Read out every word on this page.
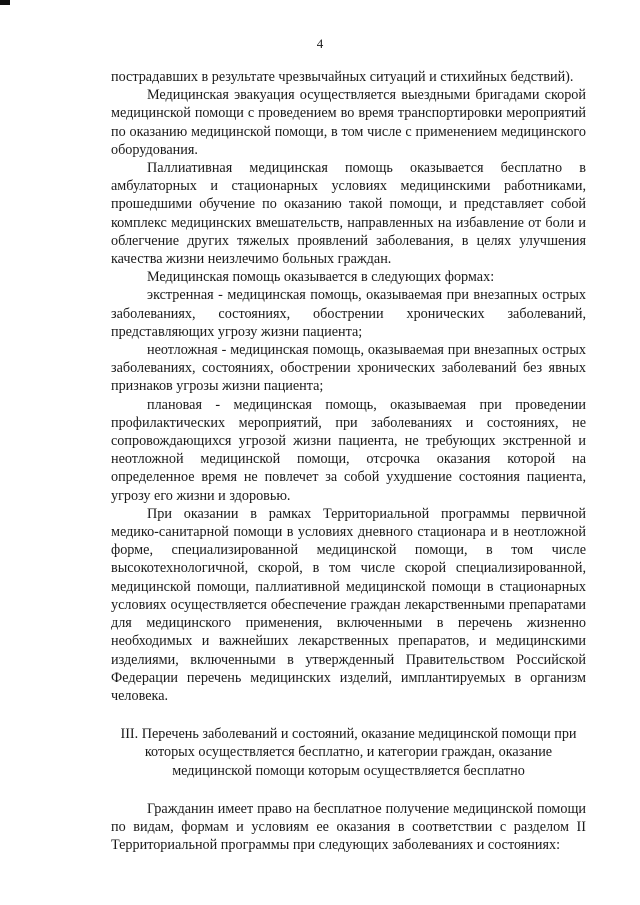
4

пострадавших в результате чрезвычайных ситуаций и стихийных бедствий).

Медицинская эвакуация осуществляется выездными бригадами скорой медицинской помощи с проведением во время транспортировки мероприятий по оказанию медицинской помощи, в том числе с применением медицинского оборудования.

Паллиативная медицинская помощь оказывается бесплатно в амбулаторных и стационарных условиях медицинскими работниками, прошедшими обучение по оказанию такой помощи, и представляет собой комплекс медицинских вмешательств, направленных на избавление от боли и облегчение других тяжелых проявлений заболевания, в целях улучшения качества жизни неизлечимо больных граждан.

Медицинская помощь оказывается в следующих формах:

экстренная - медицинская помощь, оказываемая при внезапных острых заболеваниях, состояниях, обострении хронических заболеваний, представляющих угрозу жизни пациента;

неотложная - медицинская помощь, оказываемая при внезапных острых заболеваниях, состояниях, обострении хронических заболеваний без явных признаков угрозы жизни пациента;

плановая - медицинская помощь, оказываемая при проведении профилактических мероприятий, при заболеваниях и состояниях, не сопровождающихся угрозой жизни пациента, не требующих экстренной и неотложной медицинской помощи, отсрочка оказания которой на определенное время не повлечет за собой ухудшение состояния пациента, угрозу его жизни и здоровью.

При оказании в рамках Территориальной программы первичной медико-санитарной помощи в условиях дневного стационара и в неотложной форме, специализированной медицинской помощи, в том числе высокотехнологичной, скорой, в том числе скорой специализированной, медицинской помощи, паллиативной медицинской помощи в стационарных условиях осуществляется обеспечение граждан лекарственными препаратами для медицинского применения, включенными в перечень жизненно необходимых и важнейших лекарственных препаратов, и медицинскими изделиями, включенными в утвержденный Правительством Российской Федерации перечень медицинских изделий, имплантируемых в организм человека.

III. Перечень заболеваний и состояний, оказание медицинской помощи при которых осуществляется бесплатно, и категории граждан, оказание медицинской помощи которым осуществляется бесплатно

Гражданин имеет право на бесплатное получение медицинской помощи по видам, формам и условиям ее оказания в соответствии с разделом II Территориальной программы при следующих заболеваниях и состояниях:
